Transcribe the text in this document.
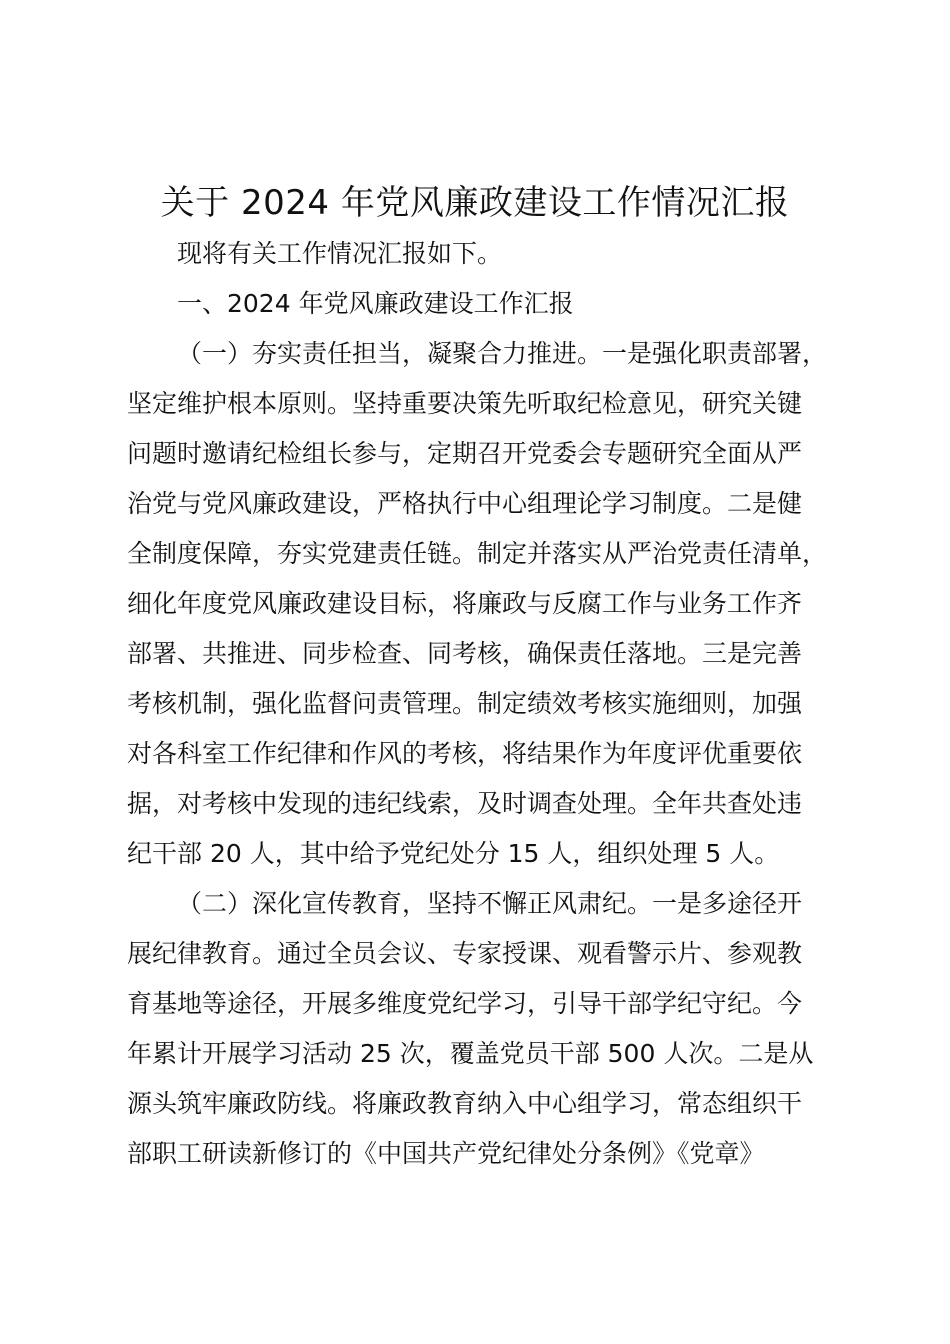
关于 2024 年党风廉政建设工作情况汇报
现将有关工作情况汇报如下。
一、2024 年党风廉政建设工作汇报
（一）夯实责任担当，凝聚合力推进。一是强化职责部署，
坚定维护根本原则。坚持重要决策先听取纪检意见，研究关键
问题时邀请纪检组长参与，定期召开党委会专题研究全面从严
治党与党风廉政建设，严格执行中心组理论学习制度。二是健
全制度保障，夯实党建责任链。制定并落实从严治党责任清单，
细化年度党风廉政建设目标，将廉政与反腐工作与业务工作齐
部署、共推进、同步检查、同考核，确保责任落地。三是完善
考核机制，强化监督问责管理。制定绩效考核实施细则，加强
对各科室工作纪律和作风的考核，将结果作为年度评优重要依
据，对考核中发现的违纪线索，及时调查处理。全年共查处违
纪干部 20 人，其中给予党纪处分 15 人，组织处理 5 人。
（二）深化宣传教育，坚持不懈正风肃纪。一是多途径开
展纪律教育。通过全员会议、专家授课、观看警示片、参观教
育基地等途径，开展多维度党纪学习，引导干部学纪守纪。今
年累计开展学习活动 25 次，覆盖党员干部 500 人次。二是从
源头筑牢廉政防线。将廉政教育纳入中心组学习，常态组织干
部职工研读新修订的《中国共产党纪律处分条例》《党章》
